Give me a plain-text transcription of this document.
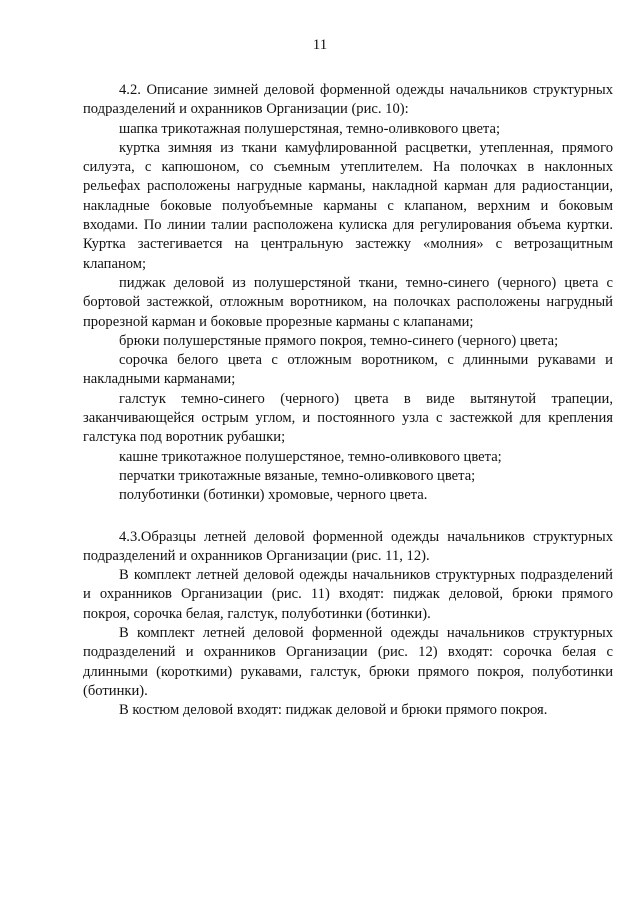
11

4.2. Описание зимней деловой форменной одежды начальников структурных подразделений и охранников Организации (рис. 10):

шапка трикотажная полушерстяная, темно-оливкового цвета;

куртка зимняя из ткани камуфлированной расцветки, утепленная, прямого силуэта, с капюшоном, со съемным утеплителем. На полочках в наклонных рельефах расположены нагрудные карманы, накладной карман для радиостанции, накладные боковые полуобъемные карманы с клапаном, верхним и боковым входами. По линии талии расположена кулиска для регулирования объема куртки. Куртка застегивается на центральную застежку «молния» с ветрозащитным клапаном;

пиджак деловой из полушерстяной ткани, темно-синего (черного) цвета с бортовой застежкой, отложным воротником, на полочках расположены нагрудный прорезной карман и боковые прорезные карманы с клапанами;

брюки полушерстяные прямого покроя, темно-синего (черного) цвета;

сорочка белого цвета с отложным воротником, с длинными рукавами и накладными карманами;

галстук темно-синего (черного) цвета в виде вытянутой трапеции, заканчивающейся острым углом, и постоянного узла с застежкой для крепления галстука под воротник рубашки;

кашне трикотажное полушерстяное, темно-оливкового цвета;

перчатки трикотажные вязаные, темно-оливкового цвета;

полуботинки (ботинки) хромовые, черного цвета.

4.3.Образцы летней деловой форменной одежды начальников структурных подразделений и охранников Организации (рис. 11, 12).

В комплект летней деловой одежды начальников структурных подразделений и охранников Организации (рис. 11) входят: пиджак деловой, брюки прямого покроя, сорочка белая, галстук, полуботинки (ботинки).

В комплект летней деловой форменной одежды начальников структурных подразделений и охранников Организации (рис. 12) входят: сорочка белая с длинными (короткими) рукавами, галстук, брюки прямого покроя, полуботинки (ботинки).

В костюм деловой входят: пиджак деловой и брюки прямого покроя.
